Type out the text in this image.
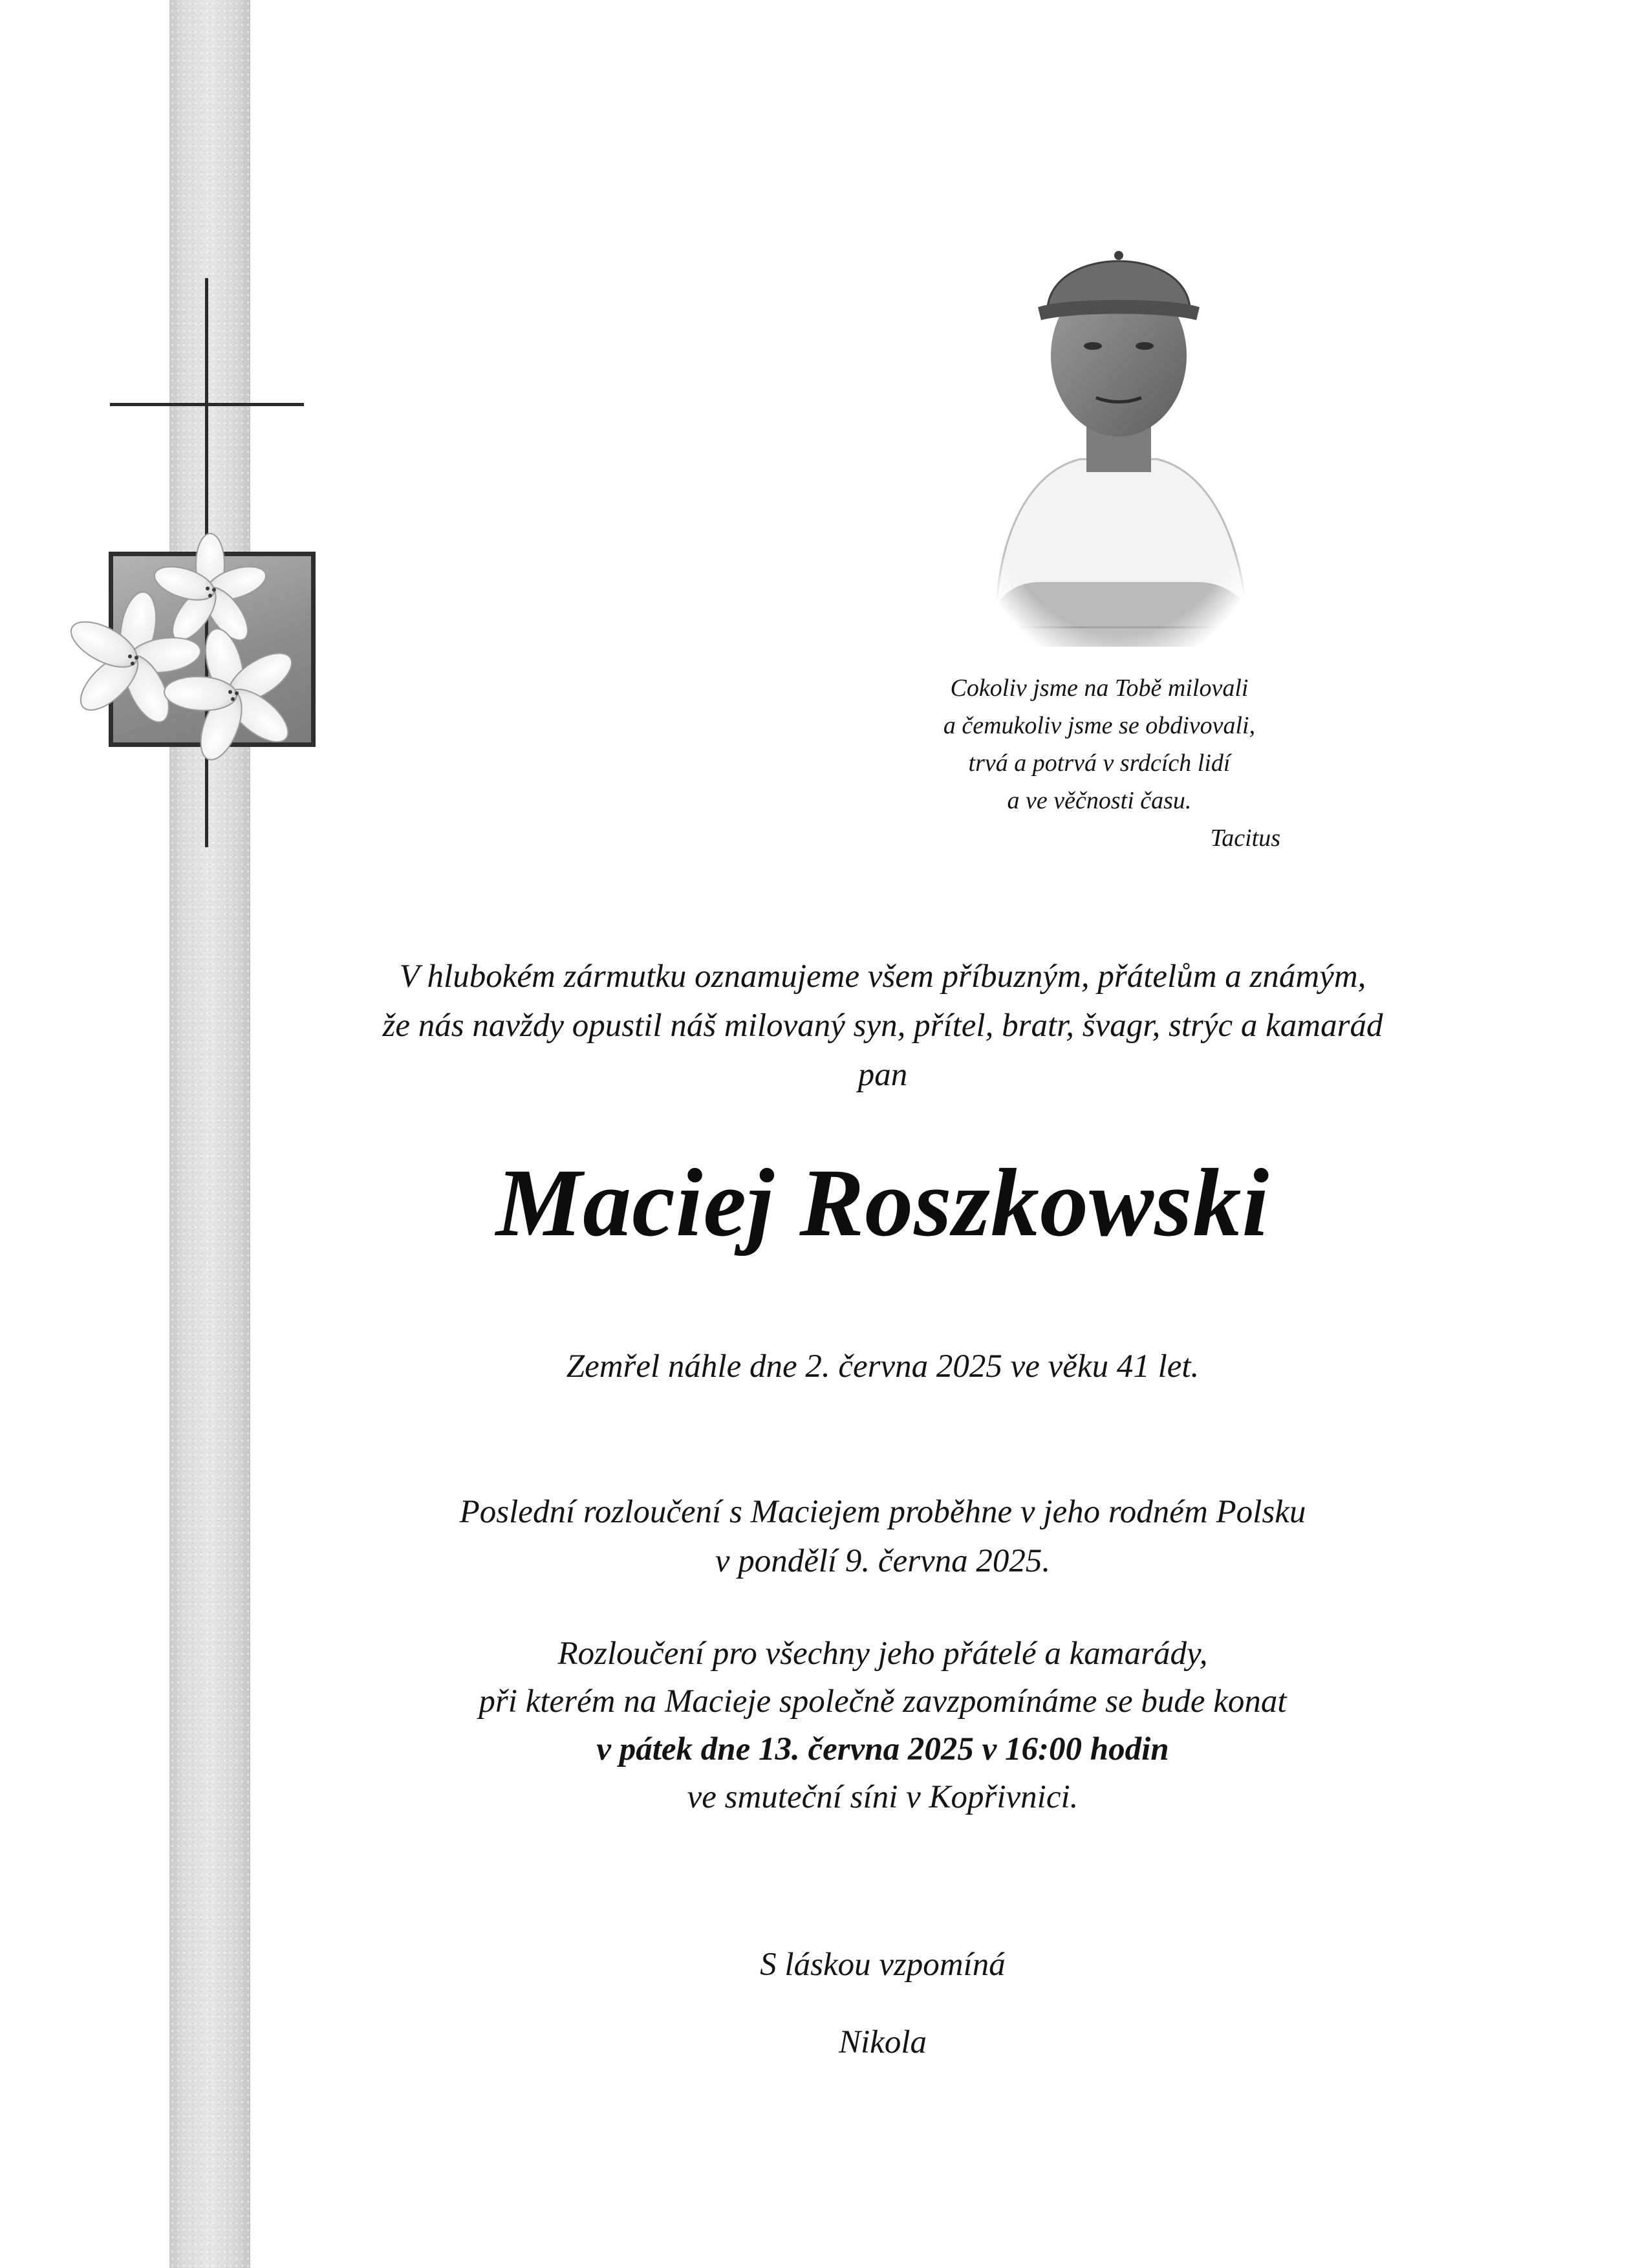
Cokoliv jsme na Tobě milovali
a čemukoliv jsme se obdivovali,
trvá a potrvá v srdcích lidí
a ve věčnosti času.
Tacitus
V hlubokém zármutku oznamujeme všem příbuzným, přátelům a známým,
že nás navždy opustil náš milovaný syn, přítel, bratr, švagr, strýc a kamarád
pan
Maciej Roszkowski
Zemřel náhle dne 2. června 2025 ve věku 41 let.
Poslední rozloučení s Maciejem proběhne v jeho rodném Polsku
v pondělí 9. června 2025.
Rozloučení pro všechny jeho přátelé a kamarády,
při kterém na Macieje společně zavzpomínáme se bude konat
v pátek dne 13. června 2025 v 16:00 hodin
ve smuteční síni v Kopřivnici.
S láskou vzpomíná
Nikola
